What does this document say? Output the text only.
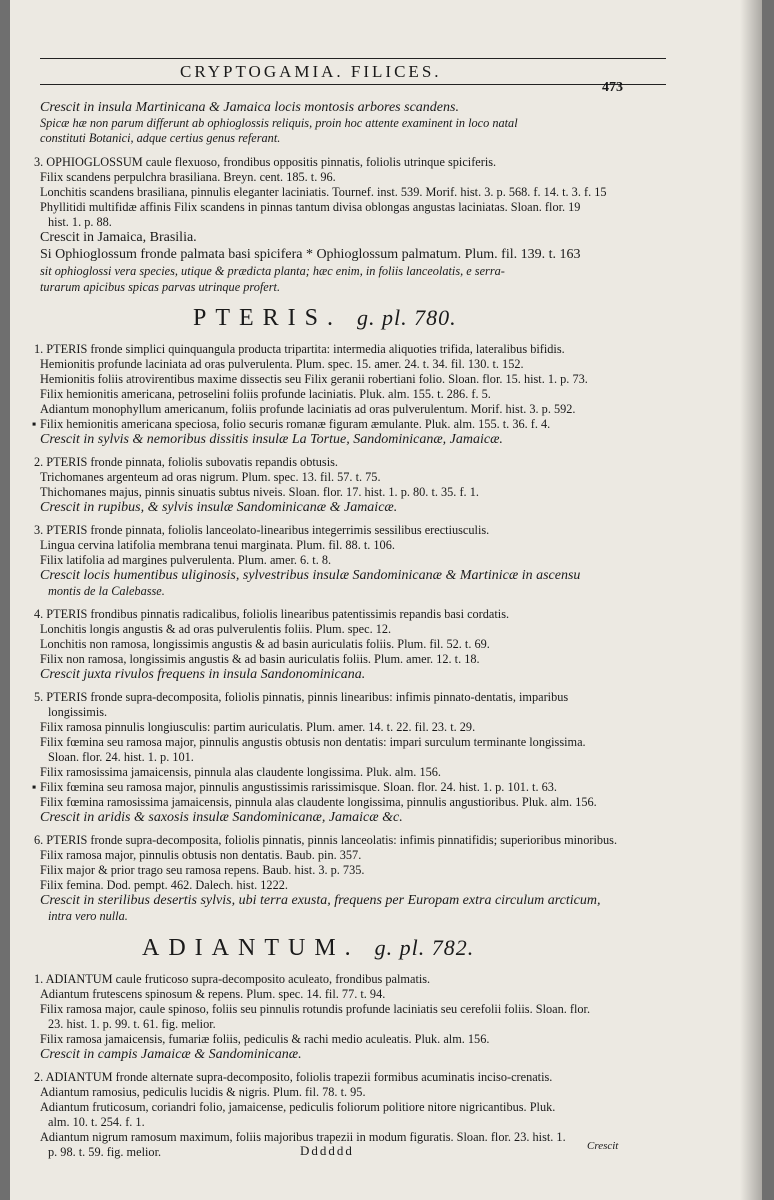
CRYPTOGAMIA. FILICES.
473
Crescit in insula Martinicana & Jamaica locis montosis arbores scandens.
Spicæ hæ non parum differunt ab ophioglossis reliquis, proin hoc attente examinent in loco natal
constituti Botanici, adque certius genus referant.
3. OPHIOGLOSSUM caule flexuoso, frondibus oppositis pinnatis, foliolis utrinque spiciferis.
Filix scandens perpulchra brasiliana. Breyn. cent. 185. t. 96.
Lonchitis scandens brasiliana, pinnulis eleganter laciniatis. Tournef. inst. 539. Morif. hist. 3. p. 568. f. 14. t. 3. f. 15
Phyllitidi multifidæ affinis Filix scandens in pinnas tantum divisa oblongas angustas laciniatas. Sloan. flor. 19
hist. 1. p. 88.
Crescit in Jamaica, Brasilia.
Si Ophioglossum fronde palmata basi spicifera * Ophioglossum palmatum. Plum. fil. 139. t. 163
sit ophioglossi vera species, utique & prædicta planta; hæc enim, in foliis lanceolatis, e serra-
turarum apicibus spicas parvas utrinque profert.
1. PTERIS fronde simplici quinquangula producta tripartita: intermedia aliquoties trifida, lateralibus bifidis.
Hemionitis profunde laciniata ad oras pulverulenta. Plum. spec. 15. amer. 24. t. 34. fil. 130. t. 152.
Hemionitis foliis atrovirentibus maxime dissectis seu Filix geranii robertiani folio. Sloan. flor. 15. hist. 1. p. 73.
Filix hemionitis americana, petroselini foliis profunde laciniatis. Pluk. alm. 155. t. 286. f. 5.
Adiantum monophyllum americanum, foliis profunde laciniatis ad oras pulverulentum. Morif. hist. 3. p. 592.
▪ Filix hemionitis americana speciosa, folio securis romanæ figuram æmulante. Pluk. alm. 155. t. 36. f. 4.
Crescit in sylvis & nemoribus dissitis insulæ La Tortue, Sandominicanæ, Jamaicæ.
2. PTERIS fronde pinnata, foliolis subovatis repandis obtusis.
Trichomanes argenteum ad oras nigrum. Plum. spec. 13. fil. 57. t. 75.
Thichomanes majus, pinnis sinuatis subtus niveis. Sloan. flor. 17. hist. 1. p. 80. t. 35. f. 1.
Crescit in rupibus, & sylvis insulæ Sandominicanæ & Jamaicæ.
3. PTERIS fronde pinnata, foliolis lanceolato-linearibus integerrimis sessilibus erectiusculis.
Lingua cervina latifolia membrana tenui marginata. Plum. fil. 88. t. 106.
Filix latifolia ad margines pulverulenta. Plum. amer. 6. t. 8.
Crescit locis humentibus uliginosis, sylvestribus insulæ Sandominicanæ & Martinicæ in ascensu
montis de la Calebasse.
4. PTERIS frondibus pinnatis radicalibus, foliolis linearibus patentissimis repandis basi cordatis.
Lonchitis longis angustis & ad oras pulverulentis foliis. Plum. spec. 12.
Lonchitis non ramosa, longissimis angustis & ad basin auriculatis foliis. Plum. fil. 52. t. 69.
Filix non ramosa, longissimis angustis & ad basin auriculatis foliis. Plum. amer. 12. t. 18.
Crescit juxta rivulos frequens in insula Sandonominicana.
5. PTERIS fronde supra-decomposita, foliolis pinnatis, pinnis linearibus: infimis pinnato-dentatis, imparibus
longissimis.
Filix ramosa pinnulis longiusculis: partim auriculatis. Plum. amer. 14. t. 22. fil. 23. t. 29.
Filix fœmina seu ramosa major, pinnulis angustis obtusis non dentatis: impari surculum terminante longissima.
Sloan. flor. 24. hist. 1. p. 101.
Filix ramosissima jamaicensis, pinnula alas claudente longissima. Pluk. alm. 156.
▪ Filix fœmina seu ramosa major, pinnulis angustissimis rarissimisque. Sloan. flor. 24. hist. 1. p. 101. t. 63.
Filix fœmina ramosissima jamaicensis, pinnula alas claudente longissima, pinnulis angustioribus. Pluk. alm. 156.
Crescit in aridis & saxosis insulæ Sandominicanæ, Jamaicæ &c.
6. PTERIS fronde supra-decomposita, foliolis pinnatis, pinnis lanceolatis: infimis pinnatifidis; superioribus minoribus.
Filix ramosa major, pinnulis obtusis non dentatis. Baub. pin. 357.
Filix major & prior trago seu ramosa repens. Baub. hist. 3. p. 735.
Filix femina. Dod. pempt. 462. Dalech. hist. 1222.
Crescit in sterilibus desertis sylvis, ubi terra exusta, frequens per Europam extra circulum arcticum,
intra vero nulla.
1. ADIANTUM caule fruticoso supra-decomposito aculeato, frondibus palmatis.
Adiantum frutescens spinosum & repens. Plum. spec. 14. fil. 77. t. 94.
Filix ramosa major, caule spinoso, foliis seu pinnulis rotundis profunde laciniatis seu cerefolii foliis. Sloan. flor.
23. hist. 1. p. 99. t. 61. fig. melior.
Filix ramosa jamaicensis, fumariæ foliis, pediculis & rachi medio aculeatis. Pluk. alm. 156.
Crescit in campis Jamaicæ & Sandominicanæ.
2. ADIANTUM fronde alternate supra-decomposito, foliolis trapezii formibus acuminatis inciso-crenatis.
Adiantum ramosius, pediculis lucidis & nigris. Plum. fil. 78. t. 95.
Adiantum fruticosum, coriandri folio, jamaicense, pediculis foliorum politiore nitore nigricantibus. Pluk.
alm. 10. t. 254. f. 1.
Adiantum nigrum ramosum maximum, foliis majoribus trapezii in modum figuratis. Sloan. flor. 23. hist. 1.
p. 98. t. 59. fig. melior.
PTERIS. g. pl. 780.
ADIANTUM. g. pl. 782.
Dddddd	Crescit
